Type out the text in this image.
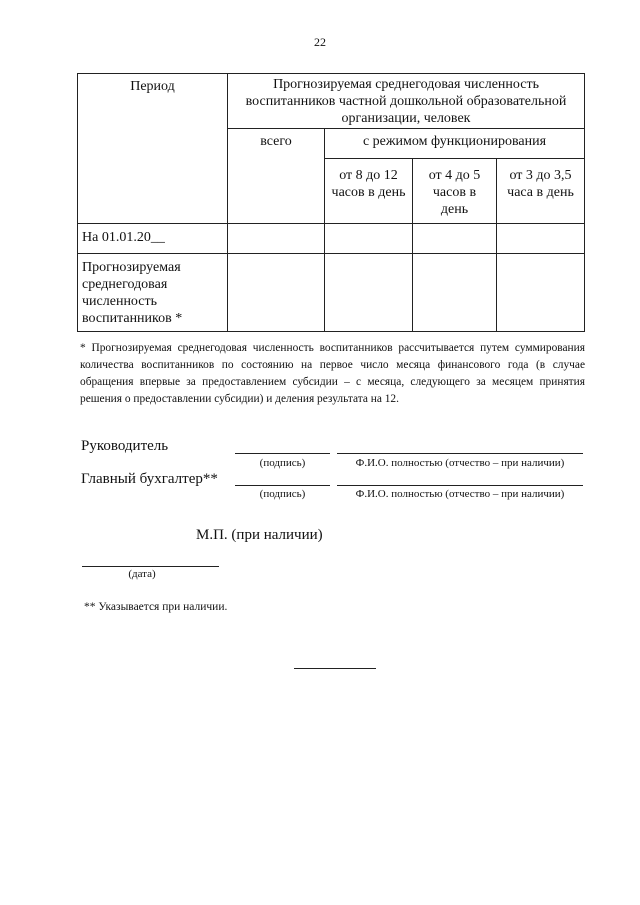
22
Период	Прогнозируемая среднегодовая численность воспитанников частной дошкольной образовательной организации, человек			
	всего	с режимом функционирования		
		от 8 до 12 часов в день	от 4 до 5 часов в день	от 3 до 3,5 часа в день
На 01.01.20__				
Прогнозируемая среднегодовая численность воспитанников *				
* Прогнозируемая среднегодовая численность воспитанников рассчитывается путем суммирования количества воспитанников по состоянию на первое число месяца финансового года (в случае обращения впервые за предоставлением субсидии – с месяца, следующего за месяцем принятия решения о предоставлении субсидии) и деления результата на 12.
Руководитель
(подпись)	Ф.И.О. полностью (отчество – при наличии)
Главный бухгалтер**
(подпись)	Ф.И.О. полностью (отчество – при наличии)
М.П. (при наличии)
(дата)
** Указывается при наличии.
